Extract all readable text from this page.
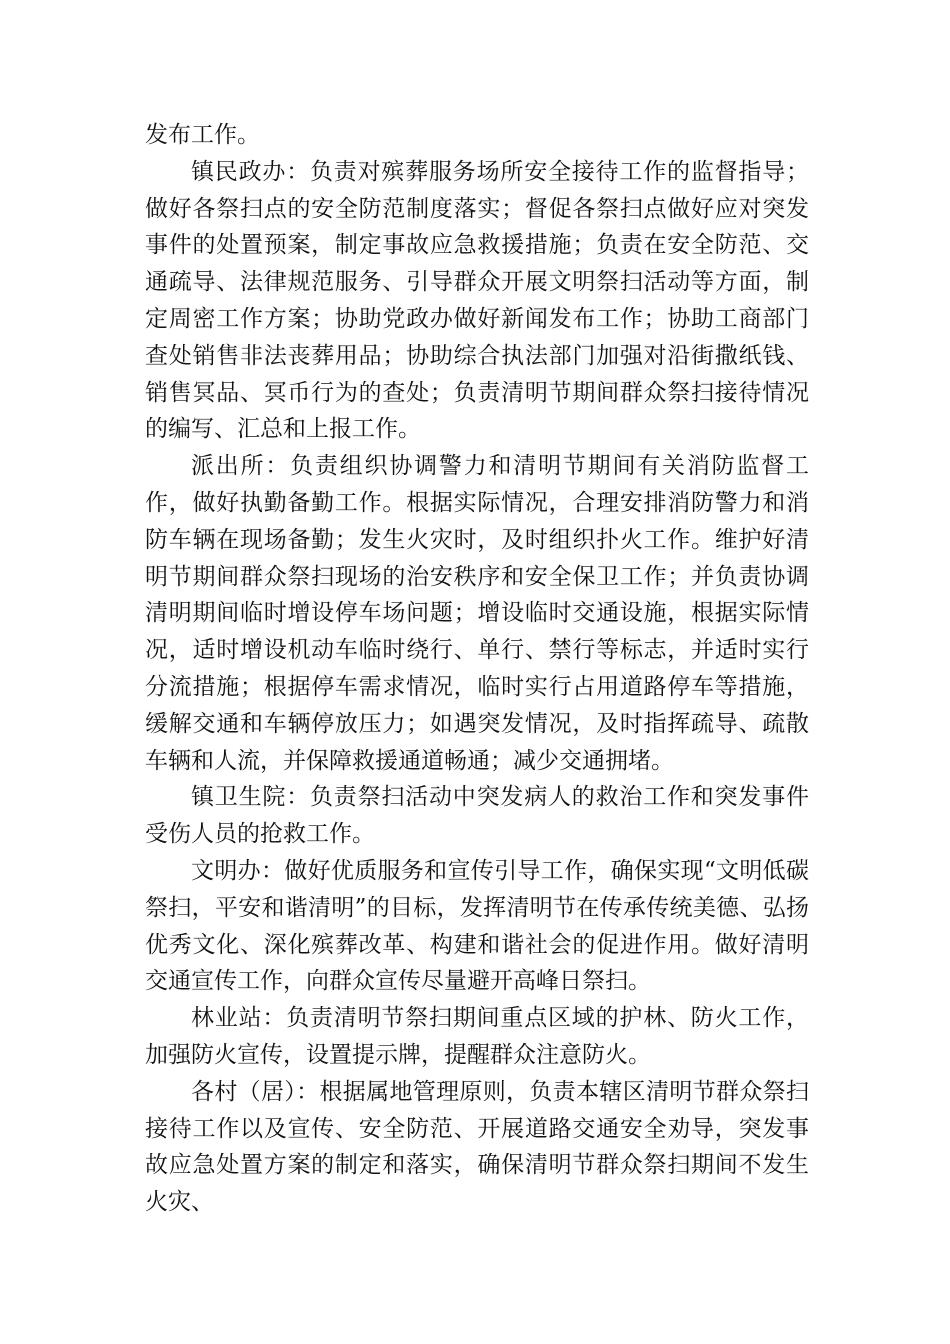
发布工作。

镇民政办：负责对殡葬服务场所安全接待工作的监督指导；做好各祭扫点的安全防范制度落实；督促各祭扫点做好应对突发事件的处置预案，制定事故应急救援措施；负责在安全防范、交通疏导、法律规范服务、引导群众开展文明祭扫活动等方面，制定周密工作方案；协助党政办做好新闻发布工作；协助工商部门查处销售非法丧葬用品；协助综合执法部门加强对沿街撒纸钱、销售冥品、冥币行为的查处；负责清明节期间群众祭扫接待情况的编写、汇总和上报工作。

派出所：负责组织协调警力和清明节期间有关消防监督工作，做好执勤备勤工作。根据实际情况，合理安排消防警力和消防车辆在现场备勤；发生火灾时，及时组织扑火工作。维护好清明节期间群众祭扫现场的治安秩序和安全保卫工作；并负责协调清明期间临时增设停车场问题；增设临时交通设施，根据实际情况，适时增设机动车临时绕行、单行、禁行等标志，并适时实行分流措施；根据停车需求情况，临时实行占用道路停车等措施，缓解交通和车辆停放压力；如遇突发情况，及时指挥疏导、疏散车辆和人流，并保障救援通道畅通；减少交通拥堵。

镇卫生院：负责祭扫活动中突发病人的救治工作和突发事件受伤人员的抢救工作。

文明办：做好优质服务和宣传引导工作，确保实现“文明低碳祭扫，平安和谐清明”的目标，发挥清明节在传承传统美德、弘扬优秀文化、深化殡葬改革、构建和谐社会的促进作用。做好清明交通宣传工作，向群众宣传尽量避开高峰日祭扫。

林业站：负责清明节祭扫期间重点区域的护林、防火工作，加强防火宣传，设置提示牌，提醒群众注意防火。

各村（居）：根据属地管理原则，负责本辖区清明节群众祭扫接待工作以及宣传、安全防范、开展道路交通安全劝导，突发事故应急处置方案的制定和落实，确保清明节群众祭扫期间不发生火灾、
